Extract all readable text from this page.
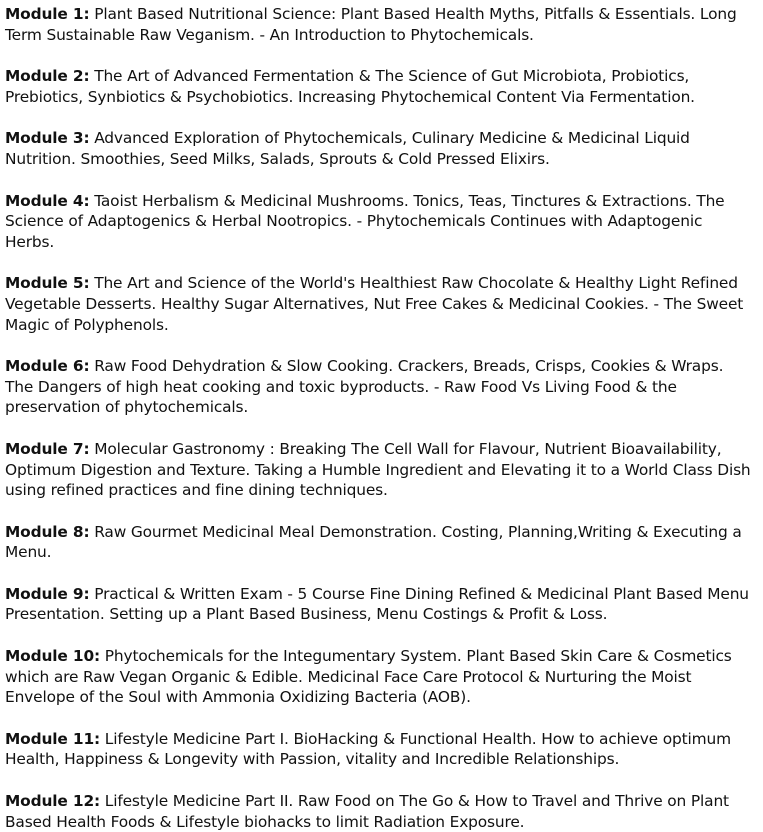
Module 1: Plant Based Nutritional Science: Plant Based Health Myths, Pitfalls & Essentials. Long Term Sustainable Raw Veganism. - An Introduction to Phytochemicals.

Module 2: The Art of Advanced Fermentation & The Science of Gut Microbiota, Probiotics, Prebiotics, Synbiotics & Psychobiotics. Increasing Phytochemical Content Via Fermentation.

Module 3: Advanced Exploration of Phytochemicals, Culinary Medicine & Medicinal Liquid Nutrition. Smoothies, Seed Milks, Salads, Sprouts & Cold Pressed Elixirs.

Module 4: Taoist Herbalism & Medicinal Mushrooms. Tonics, Teas, Tinctures & Extractions. The Science of Adaptogenics & Herbal Nootropics. - Phytochemicals Continues with Adaptogenic Herbs.

Module 5: The Art and Science of the World's Healthiest Raw Chocolate & Healthy Light Refined Vegetable Desserts. Healthy Sugar Alternatives, Nut Free Cakes & Medicinal Cookies. - The Sweet Magic of Polyphenols.

Module 6: Raw Food Dehydration & Slow Cooking. Crackers, Breads, Crisps, Cookies & Wraps. The Dangers of high heat cooking and toxic byproducts. - Raw Food Vs Living Food & the preservation of phytochemicals.

Module 7: Molecular Gastronomy : Breaking The Cell Wall for Flavour, Nutrient Bioavailability, Optimum Digestion and Texture. Taking a Humble Ingredient and Elevating it to a World Class Dish using refined practices and fine dining techniques.

Module 8: Raw Gourmet Medicinal Meal Demonstration. Costing, Planning,Writing & Executing a Menu.

Module 9: Practical & Written Exam - 5 Course Fine Dining Refined & Medicinal Plant Based Menu Presentation. Setting up a Plant Based Business, Menu Costings & Profit & Loss.

Module 10: Phytochemicals for the Integumentary System. Plant Based Skin Care & Cosmetics which are Raw Vegan Organic & Edible. Medicinal Face Care Protocol & Nurturing the Moist Envelope of the Soul with Ammonia Oxidizing Bacteria (AOB).

Module 11: Lifestyle Medicine Part I. BioHacking & Functional Health. How to achieve optimum Health, Happiness & Longevity with Passion, vitality and Incredible Relationships.

Module 12: Lifestyle Medicine Part II. Raw Food on The Go & How to Travel and Thrive on Plant Based Health Foods & Lifestyle biohacks to limit Radiation Exposure.
